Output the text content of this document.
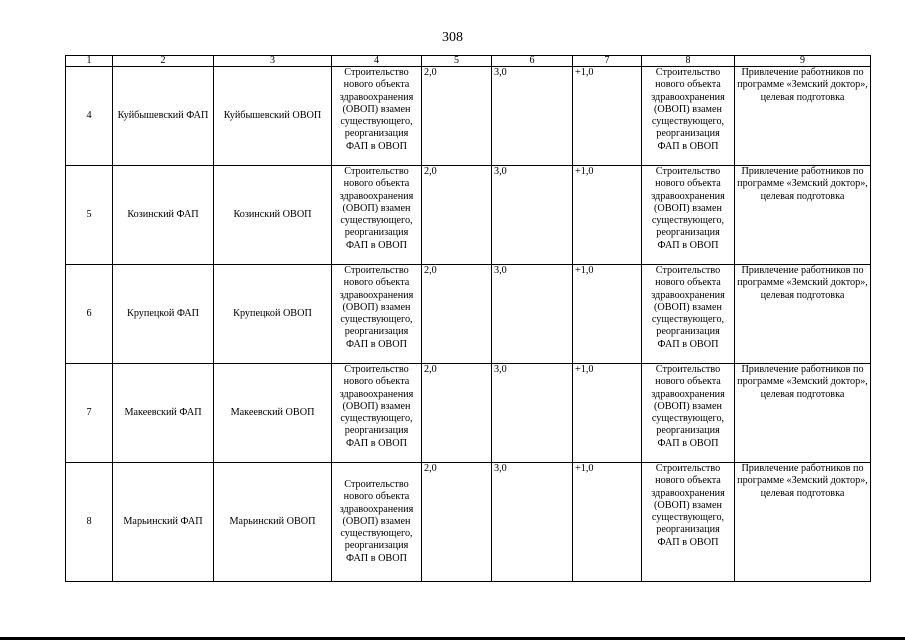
308
1	2	3	4	5	6	7	8	9
4	Куйбышевский ФАП	Куйбышевский ОВОП	Строительство нового объекта здравоохранения (ОВОП) взамен существующего, реорганизация ФАП в ОВОП	2,0	3,0	+1,0	Строительство нового объекта здравоохранения (ОВОП) взамен существующего, реорганизация ФАП в ОВОП	Привлечение работников по программе «Земский доктор», целевая подготовка
5	Козинский ФАП	Козинский ОВОП	Строительство нового объекта здравоохранения (ОВОП) взамен существующего, реорганизация ФАП в ОВОП	2,0	3,0	+1,0	Строительство нового объекта здравоохранения (ОВОП) взамен существующего, реорганизация ФАП в ОВОП	Привлечение работников по программе «Земский доктор», целевая подготовка
6	Крупецкой ФАП	Крупецкой ОВОП	Строительство нового объекта здравоохранения (ОВОП) взамен существующего, реорганизация ФАП в ОВОП	2,0	3,0	+1,0	Строительство нового объекта здравоохранения (ОВОП) взамен существующего, реорганизация ФАП в ОВОП	Привлечение работников по программе «Земский доктор», целевая подготовка
7	Макеевский ФАП	Макеевский ОВОП	Строительство нового объекта здравоохранения (ОВОП) взамен существующего, реорганизация ФАП в ОВОП	2,0	3,0	+1,0	Строительство нового объекта здравоохранения (ОВОП) взамен существующего, реорганизация ФАП в ОВОП	Привлечение работников по программе «Земский доктор», целевая подготовка
8	Марьинский ФАП	Марьинский ОВОП	Строительство нового объекта здравоохранения (ОВОП) взамен существующего, реорганизация ФАП в ОВОП	2,0	3,0	+1,0	Строительство нового объекта здравоохранения (ОВОП) взамен существующего, реорганизация ФАП в ОВОП	Привлечение работников по программе «Земский доктор», целевая подготовка
